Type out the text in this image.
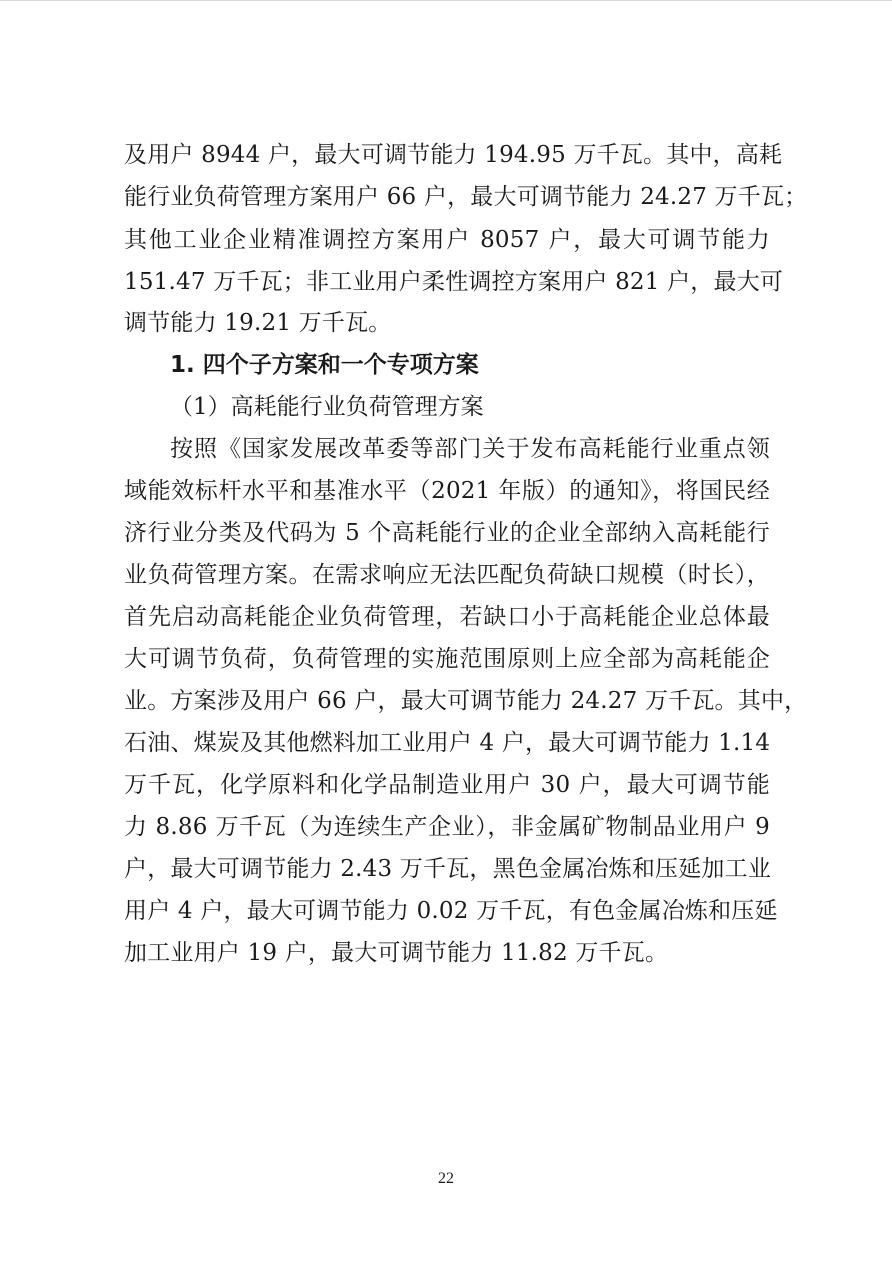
及用户 8944 户，最大可调节能力 194.95 万千瓦。其中，高耗
能行业负荷管理方案用户 66 户，最大可调节能力 24.27 万千瓦；
其他工业企业精准调控方案用户 8057 户，最大可调节能力
151.47 万千瓦；非工业用户柔性调控方案用户 821 户，最大可
调节能力 19.21 万千瓦。
1. 四个子方案和一个专项方案
（1）高耗能行业负荷管理方案
按照《国家发展改革委等部门关于发布高耗能行业重点领
域能效标杆水平和基准水平（2021 年版）的通知》，将国民经
济行业分类及代码为 5 个高耗能行业的企业全部纳入高耗能行
业负荷管理方案。在需求响应无法匹配负荷缺口规模（时长），
首先启动高耗能企业负荷管理，若缺口小于高耗能企业总体最
大可调节负荷，负荷管理的实施范围原则上应全部为高耗能企
业。方案涉及用户 66 户，最大可调节能力 24.27 万千瓦。其中，
石油、煤炭及其他燃料加工业用户 4 户，最大可调节能力 1.14
万千瓦，化学原料和化学品制造业用户 30 户，最大可调节能
力 8.86 万千瓦（为连续生产企业），非金属矿物制品业用户 9
户，最大可调节能力 2.43 万千瓦，黑色金属冶炼和压延加工业
用户 4 户，最大可调节能力 0.02 万千瓦，有色金属冶炼和压延
加工业用户 19 户，最大可调节能力 11.82 万千瓦。
22
